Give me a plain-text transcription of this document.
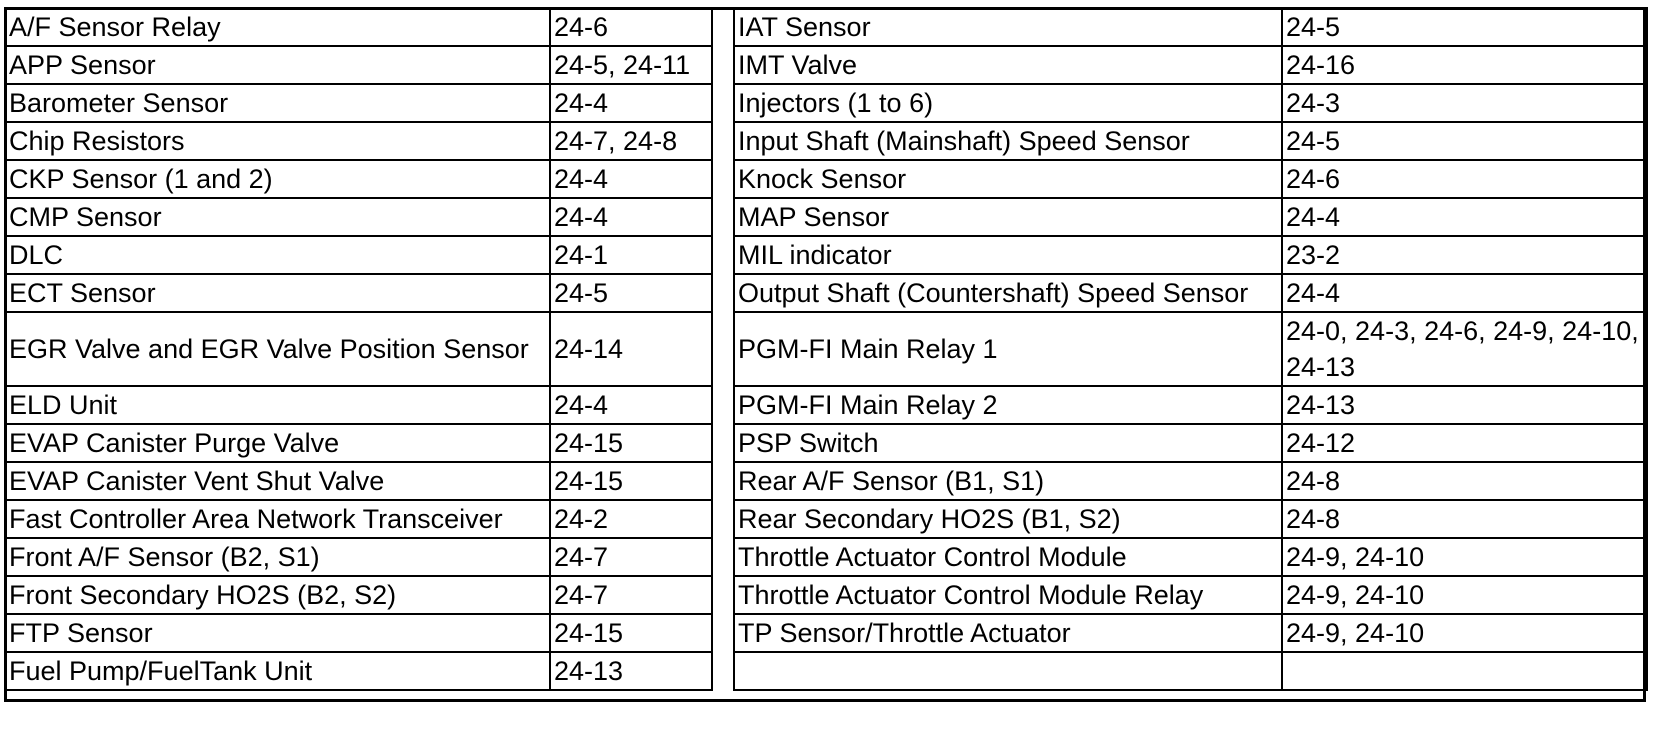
A/F Sensor Relay	24-6		IAT Sensor	24-5
APP Sensor	24-5, 24-11		IMT Valve	24-16
Barometer Sensor	24-4		Injectors (1 to 6)	24-3
Chip Resistors	24-7, 24-8		Input Shaft (Mainshaft) Speed Sensor	24-5
CKP Sensor (1 and 2)	24-4		Knock Sensor	24-6
CMP Sensor	24-4		MAP Sensor	24-4
DLC	24-1		MIL indicator	23-2
ECT Sensor	24-5		Output Shaft (Countershaft) Speed Sensor	24-4
EGR Valve and EGR Valve Position Sensor	24-14		PGM-FI Main Relay 1	24-0, 24-3, 24-6, 24-9, 24-10, 24-13
ELD Unit	24-4		PGM-FI Main Relay 2	24-13
EVAP Canister Purge Valve	24-15		PSP Switch	24-12
EVAP Canister Vent Shut Valve	24-15		Rear A/F Sensor (B1, S1)	24-8
Fast Controller Area Network Transceiver	24-2		Rear Secondary HO2S (B1, S2)	24-8
Front A/F Sensor (B2, S1)	24-7		Throttle Actuator Control Module	24-9, 24-10
Front Secondary HO2S (B2, S2)	24-7		Throttle Actuator Control Module Relay	24-9, 24-10
FTP Sensor	24-15		TP Sensor/Throttle Actuator	24-9, 24-10
Fuel Pump/FuelTank Unit	24-13			
